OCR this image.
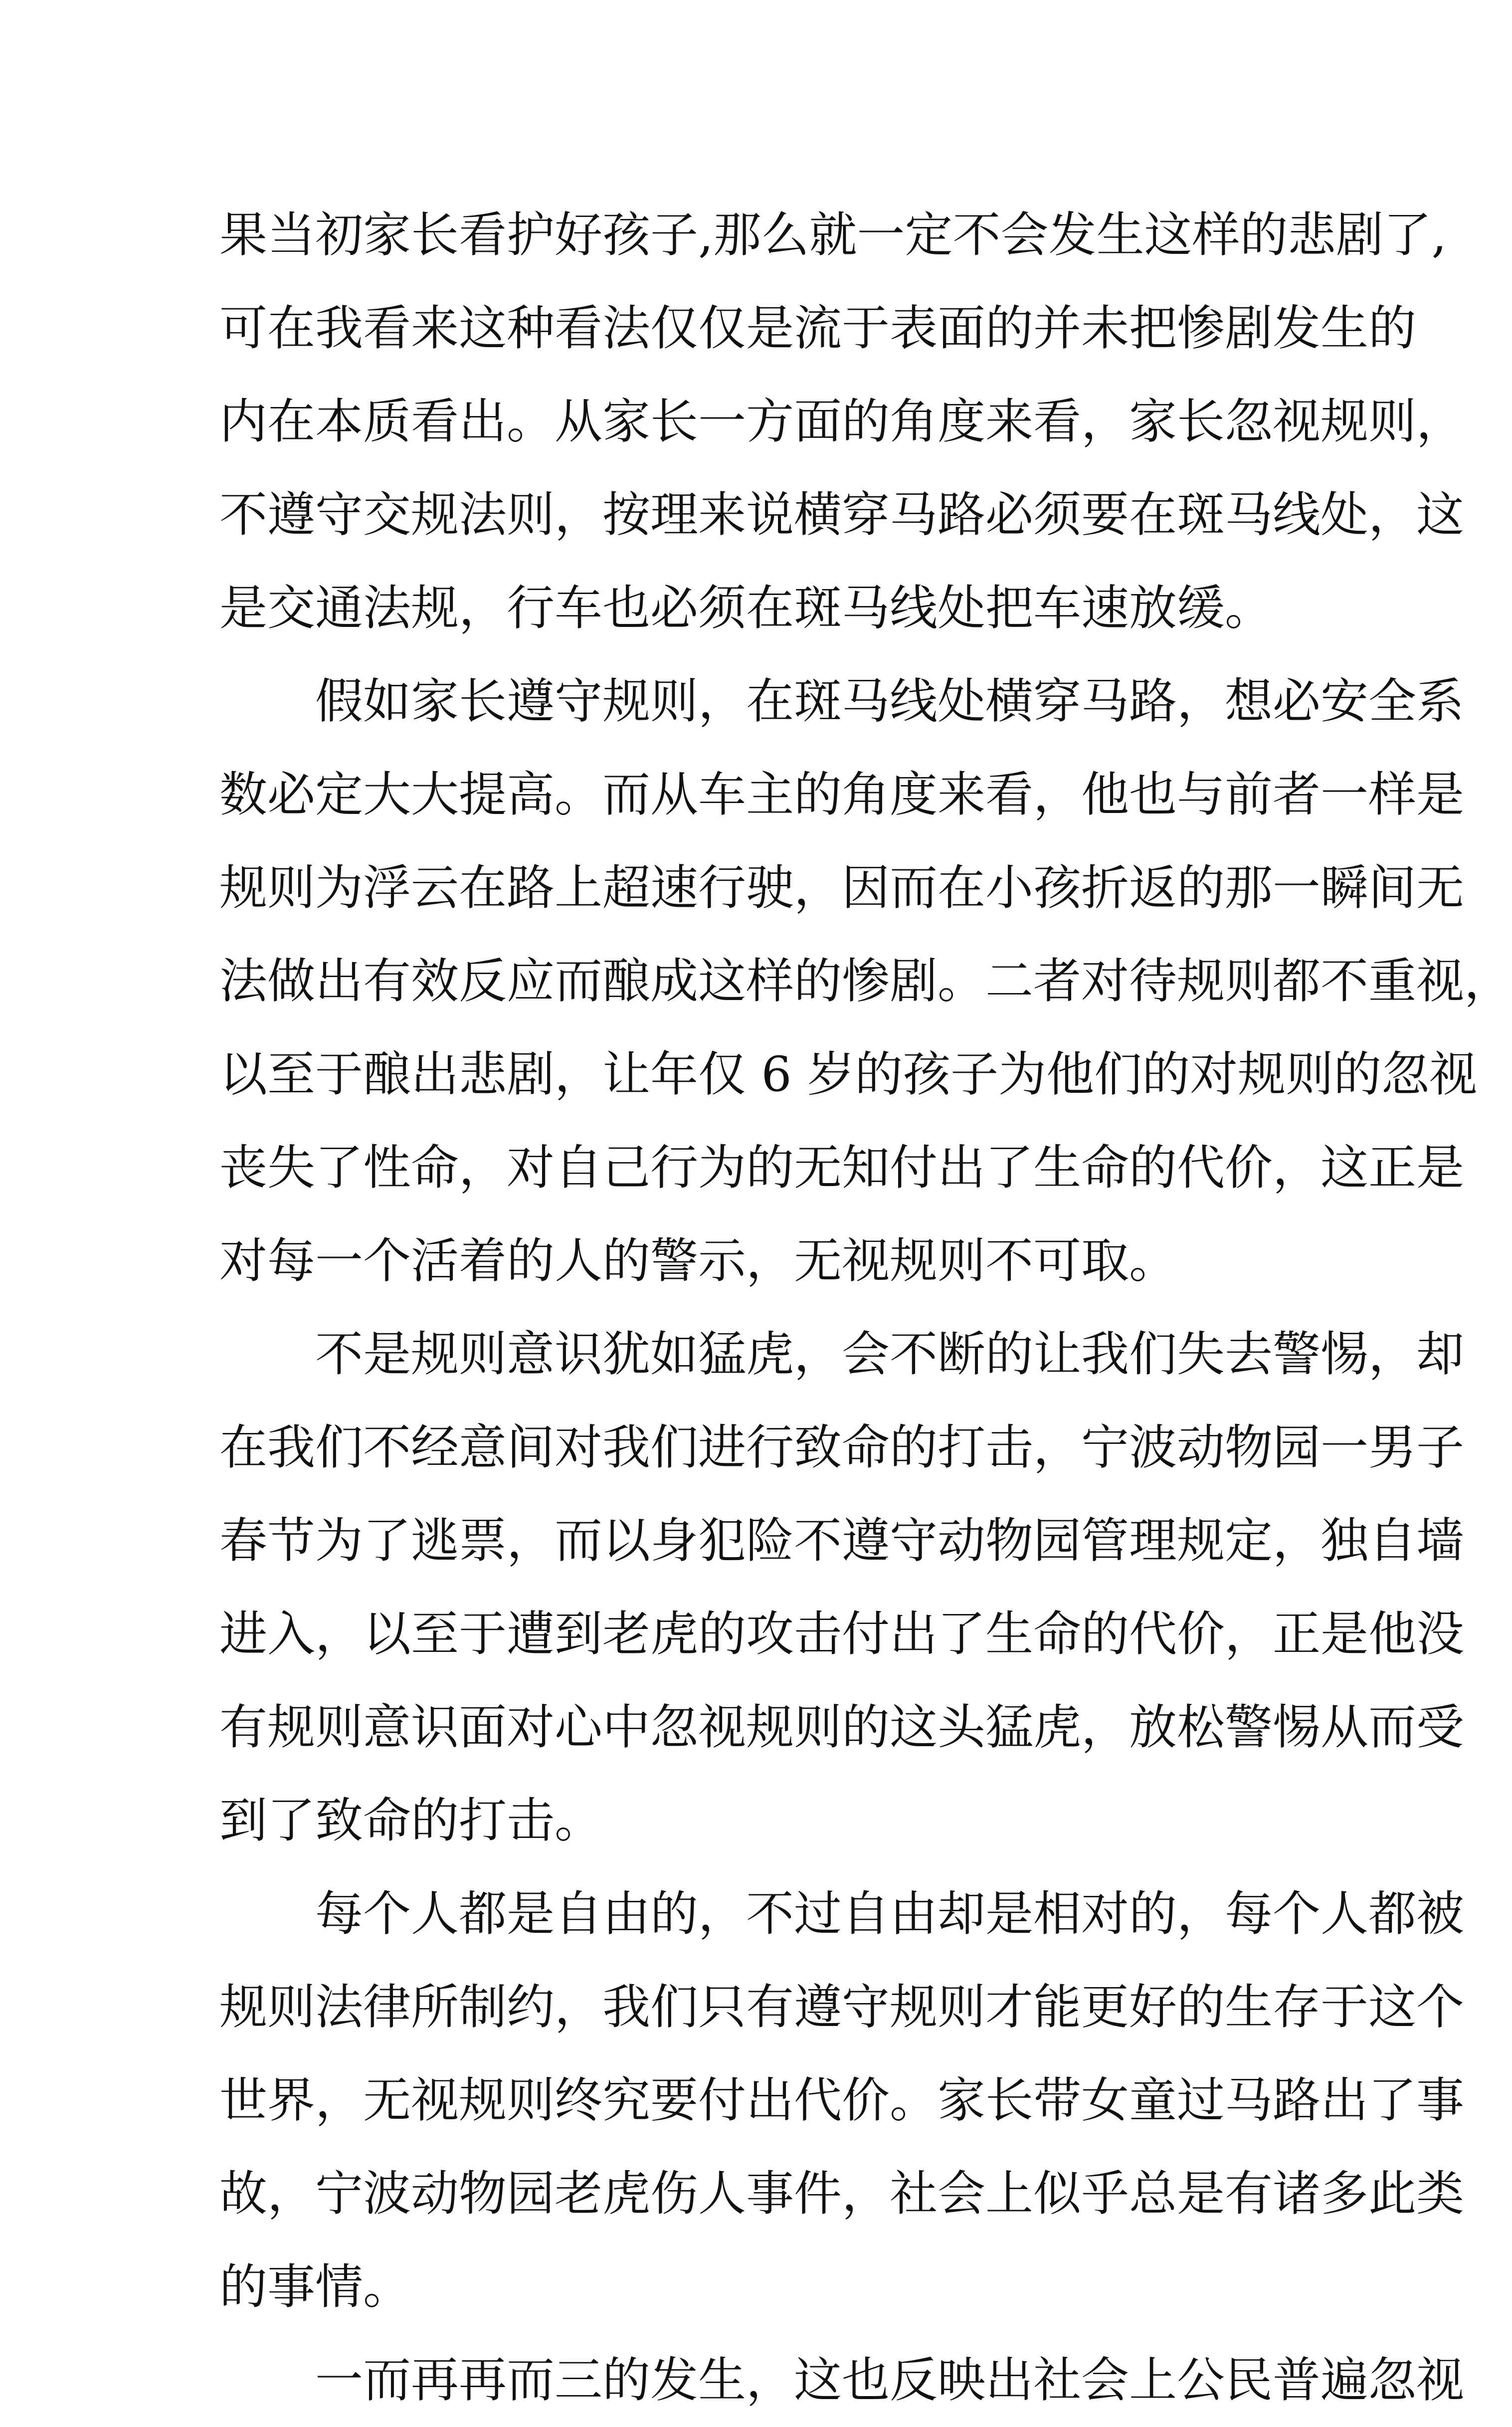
果当初家长看护好孩子,那么就一定不会发生这样的悲剧了,
可在我看来这种看法仅仅是流于表面的并未把惨剧发生的
内在本质看出。从家长一方面的角度来看，家长忽视规则，
不遵守交规法则，按理来说横穿马路必须要在斑马线处，这
是交通法规，行车也必须在斑马线处把车速放缓。
假如家长遵守规则，在斑马线处横穿马路，想必安全系
数必定大大提高。而从车主的角度来看，他也与前者一样是
规则为浮云在路上超速行驶，因而在小孩折返的那一瞬间无
法做出有效反应而酿成这样的惨剧。二者对待规则都不重视，
以至于酿出悲剧，让年仅 6 岁的孩子为他们的对规则的忽视
丧失了性命，对自己行为的无知付出了生命的代价，这正是
对每一个活着的人的警示，无视规则不可取。
不是规则意识犹如猛虎，会不断的让我们失去警惕，却
在我们不经意间对我们进行致命的打击，宁波动物园一男子
春节为了逃票，而以身犯险不遵守动物园管理规定，独自墙
进入，以至于遭到老虎的攻击付出了生命的代价，正是他没
有规则意识面对心中忽视规则的这头猛虎，放松警惕从而受
到了致命的打击。
每个人都是自由的，不过自由却是相对的，每个人都被
规则法律所制约，我们只有遵守规则才能更好的生存于这个
世界，无视规则终究要付出代价。家长带女童过马路出了事
故，宁波动物园老虎伤人事件，社会上似乎总是有诸多此类
的事情。
一而再再而三的发生，这也反映出社会上公民普遍忽视
